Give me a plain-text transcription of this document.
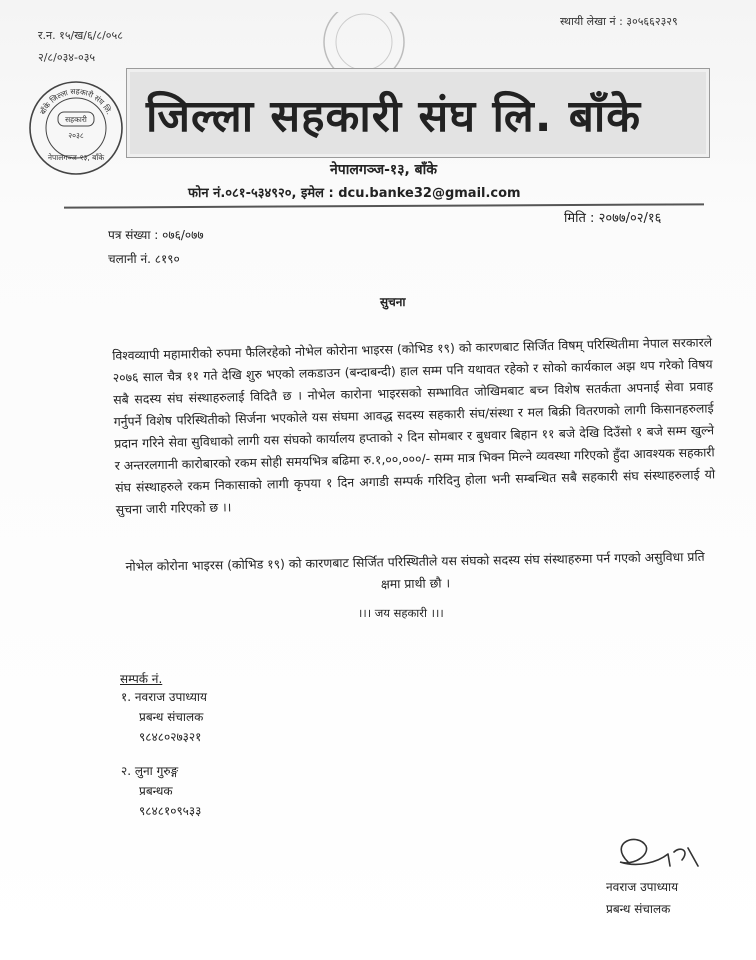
र.न. १५/ख/६/८/०५८
२/८/०३४-०३५
स्थायी लेखा नं : ३०५६६२३२९
बाँके जिल्ला सहकारी संघ लि.
सहकारी
२०३८
नेपालगञ्ज-१३, बाँके
जिल्ला सहकारी संघ लि. बाँके
नेपालगञ्ज-१३, बाँके
फोन नं.०८१-५३४९२०, इमेल : dcu.banke32@gmail.com
मिति : २०७७/०२/१६
पत्र संख्या : ०७६/०७७
चलानी नं. ८१९०
सुचना
विश्वव्यापी महामारीको रुपमा फैलिरहेको नोभेल कोरोना भाइरस (कोभिड १९) को कारणबाट सिर्जित विषम् परिस्थितीमा नेपाल सरकारले २०७६ साल चैत्र ११ गते देखि शुरु भएको लकडाउन (बन्दाबन्दी) हाल सम्म पनि यथावत रहेको र सोको कार्यकाल अझ थप गरेको विषय सबै सदस्य संघ संस्थाहरुलाई विदितै छ । नोभेल कारोना भाइरसको सम्भावित जोखिमबाट बच्न विशेष सतर्कता अपनाई सेवा प्रवाह गर्नुपर्ने विशेष परिस्थितीको सिर्जना भएकोले यस संघमा आवद्ध सदस्य सहकारी संघ/संस्था र मल बिक्री वितरणको लागी किसानहरुलाई प्रदान गरिने सेवा सुविधाको लागी यस संघको कार्यालय हप्ताको २ दिन सोमबार र बुधवार बिहान ११ बजे देखि दिउँसो १ बजे सम्म खुल्ने र अन्तरलगानी कारोबारको रकम सोही समयभित्र बढिमा रु.१,००,०००/- सम्म मात्र भिक्न मिल्ने व्यवस्था गरिएको हुँदा आवश्यक सहकारी संघ संस्थाहरुले रकम निकासाको लागी कृपया १ दिन अगाडी सम्पर्क गरिदिनु होला भनी सम्बन्धित सबै सहकारी संघ संस्थाहरुलाई यो सुचना जारी गरिएको छ ।।
नोभेल कोरोना भाइरस (कोभिड १९) को कारणबाट सिर्जित परिस्थितीले यस संघको सदस्य संघ संस्थाहरुमा पर्न गएको असुविधा प्रति क्षमा प्राथी छौ ।
।।। जय सहकारी ।।।
सम्पर्क नं.
१. नवराज उपाध्याय
प्रबन्ध संचालक
९८४८०२७३२१
२. लुना गुरुङ्ग
प्रबन्धक
९८४८१०९५३३
नवराज उपाध्याय
प्रबन्ध संचालक
